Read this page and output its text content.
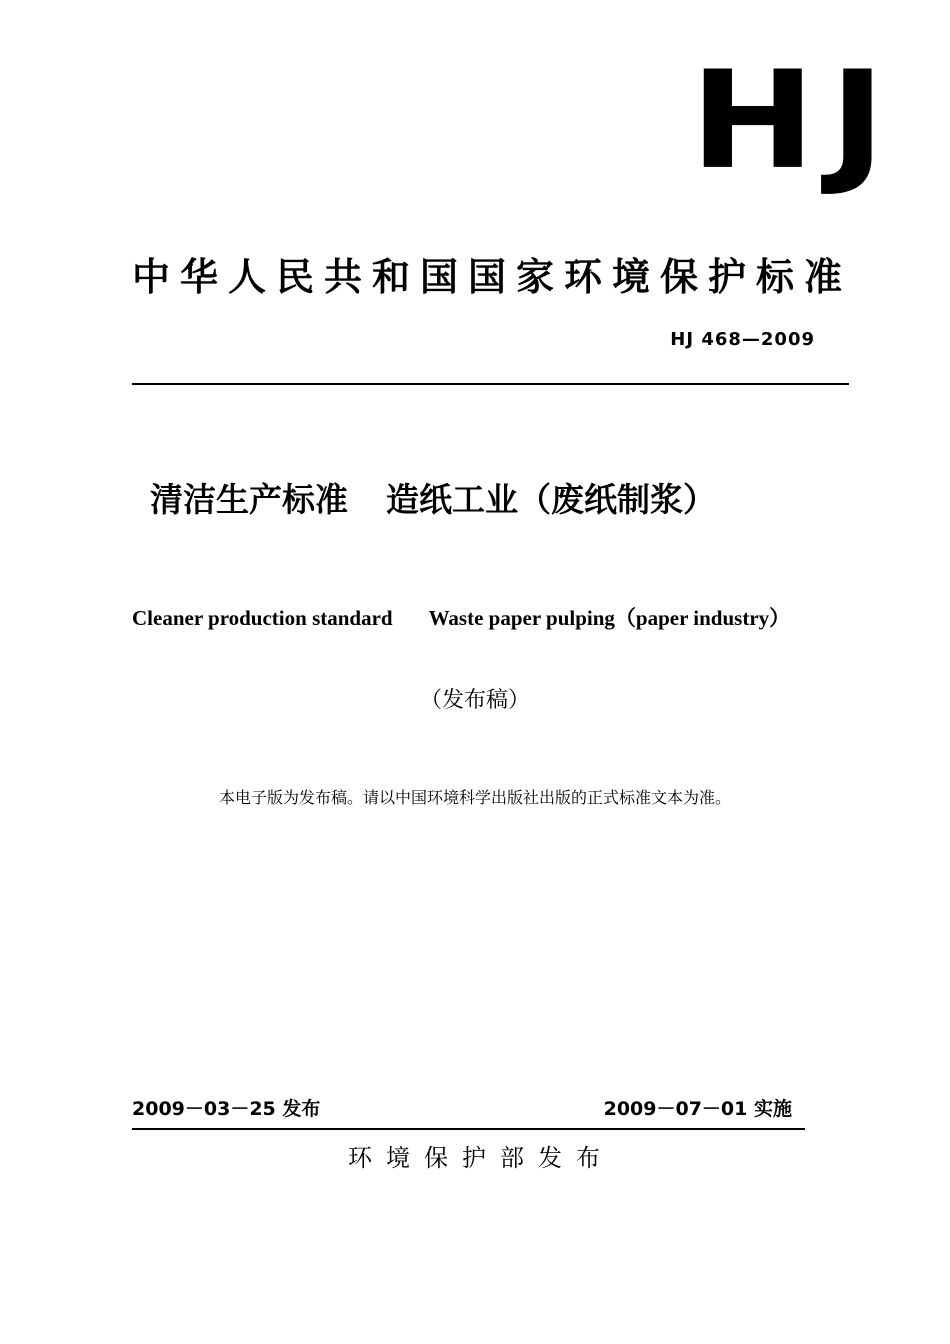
HJ
中华人民共和国国家环境保护标准
HJ 468—2009
清洁生产标准 造纸工业（废纸制浆）
Cleaner production standard Waste paper pulping（paper industry）
（发布稿）
本电子版为发布稿。请以中国环境科学出版社出版的正式标准文本为准。
2009－03－25 发布	2009－07－01 实施
环境保护部发布
